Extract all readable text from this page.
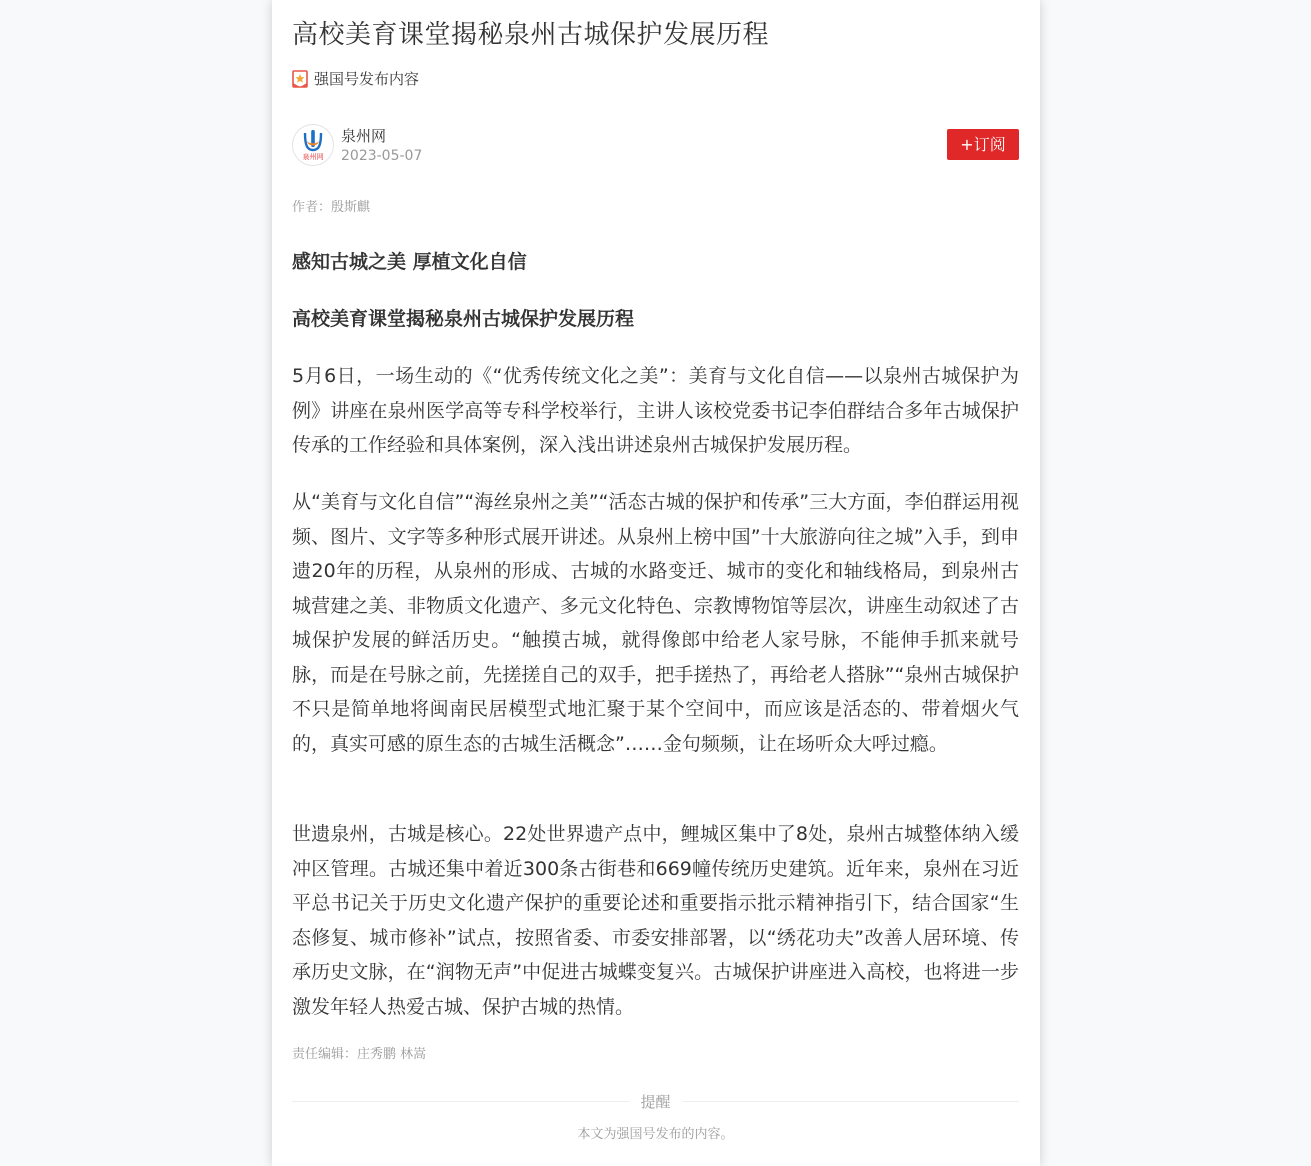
高校美育课堂揭秘泉州古城保护发展历程
强国号发布内容
泉州网
泉州网
2023-05-07
+订阅
作者：殷斯麒
感知古城之美 厚植文化自信
高校美育课堂揭秘泉州古城保护发展历程

5月6日，一场生动的《“优秀传统文化之美”：美育与文化自信——以泉州古城保护为例》讲座在泉州医学高等专科学校举行，主讲人该校党委书记李伯群结合多年古城保护传承的工作经验和具体案例，深入浅出讲述泉州古城保护发展历程。

从“美育与文化自信”“海丝泉州之美”“活态古城的保护和传承”三大方面，李伯群运用视频、图片、文字等多种形式展开讲述。从泉州上榜中国”十大旅游向往之城”入手，到申遗20年的历程，从泉州的形成、古城的水路变迁、城市的变化和轴线格局，到泉州古城营建之美、非物质文化遗产、多元文化特色、宗教博物馆等层次，讲座生动叙述了古城保护发展的鲜活历史。“触摸古城，就得像郎中给老人家号脉，不能伸手抓来就号脉，而是在号脉之前，先搓搓自己的双手，把手搓热了，再给老人搭脉”“泉州古城保护不只是简单地将闽南民居模型式地汇聚于某个空间中，而应该是活态的、带着烟火气的，真实可感的原生态的古城生活概念”……金句频频，让在场听众大呼过瘾。

世遗泉州，古城是核心。22处世界遗产点中，鲤城区集中了8处，泉州古城整体纳入缓冲区管理。古城还集中着近300条古街巷和669幢传统历史建筑。近年来，泉州在习近平总书记关于历史文化遗产保护的重要论述和重要指示批示精神指引下，结合国家“生态修复、城市修补”试点，按照省委、市委安排部署，以“绣花功夫”改善人居环境、传承历史文脉，在“润物无声”中促进古城蝶变复兴。古城保护讲座进入高校，也将进一步激发年轻人热爱古城、保护古城的热情。

责任编辑：庄秀鹏 林嵩
提醒
本文为强国号发布的内容。
